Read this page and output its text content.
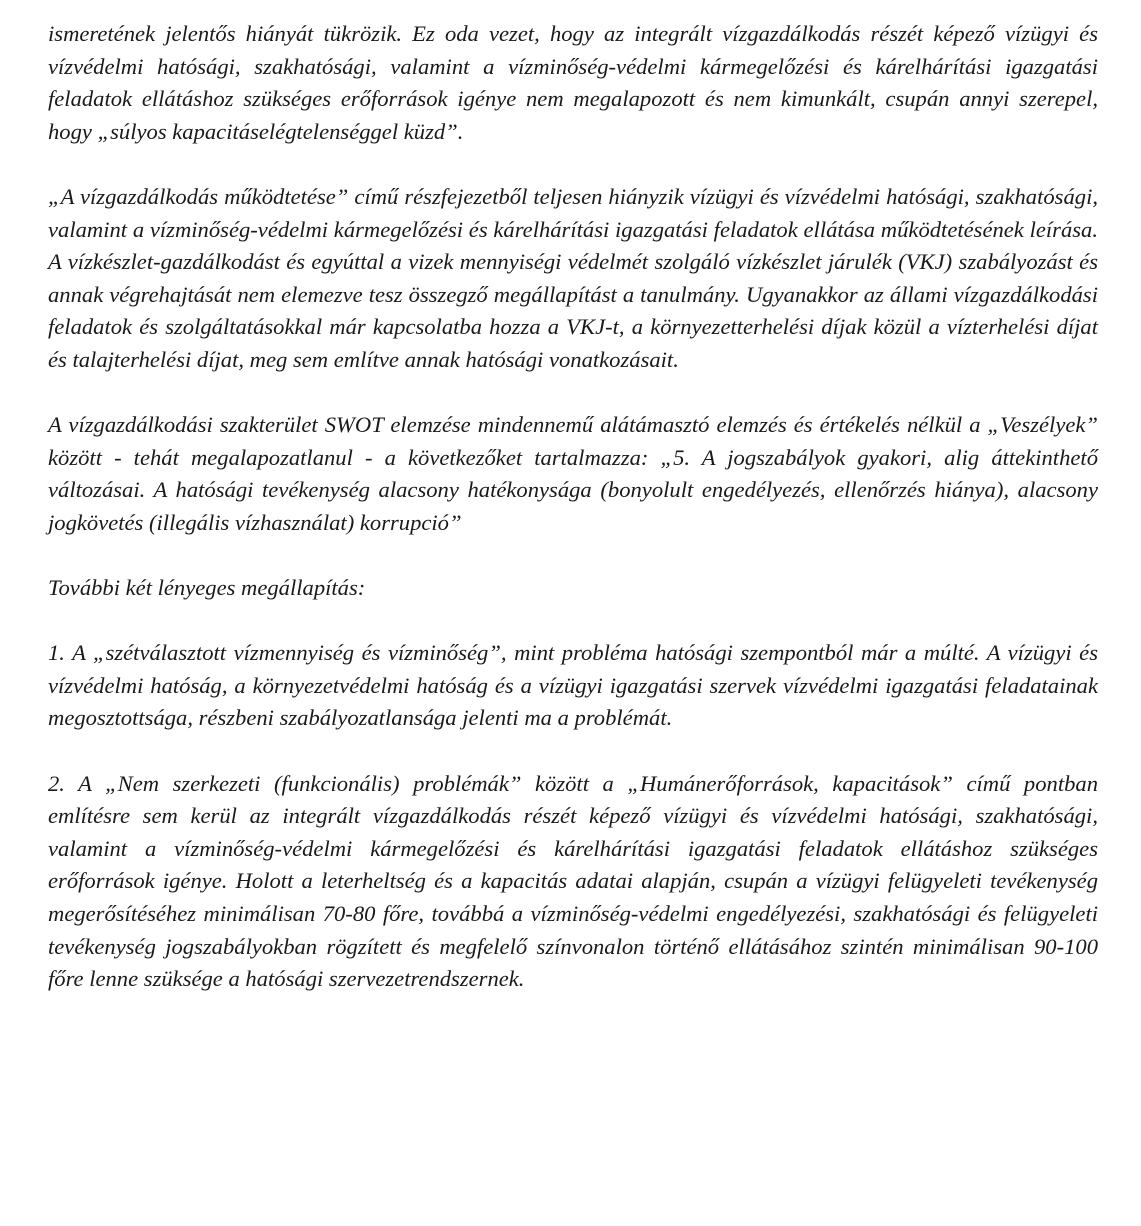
ismeretének jelentős hiányát tükrözik. Ez oda vezet, hogy az integrált vízgazdálkodás részét képező vízügyi és vízvédelmi hatósági, szakhatósági, valamint a vízminőség-védelmi kármegelőzési és kárelhárítási igazgatási feladatok ellátáshoz szükséges erőforrások igénye nem megalapozott és nem kimunkált, csupán annyi szerepel, hogy „súlyos kapacitáselégtelenséggel küzd”.

„A vízgazdálkodás működtetése” című részfejezetből teljesen hiányzik vízügyi és vízvédelmi hatósági, szakhatósági, valamint a vízminőség-védelmi kármegelőzési és kárelhárítási igazgatási feladatok ellátása működtetésének leírása. A vízkészlet-gazdálkodást és egyúttal a vizek mennyiségi védelmét szolgáló vízkészlet járulék (VKJ) szabályozást és annak végrehajtását nem elemezve tesz összegző megállapítást a tanulmány. Ugyanakkor az állami vízgazdálkodási feladatok és szolgáltatásokkal már kapcsolatba hozza a VKJ-t, a környezetterhelési díjak közül a vízterhelési díjat és talajterhelési díjat, meg sem említve annak hatósági vonatkozásait.

A vízgazdálkodási szakterület SWOT elemzése mindennemű alátámasztó elemzés és értékelés nélkül a „Veszélyek” között - tehát megalapozatlanul - a következőket tartalmazza: „5. A jogszabályok gyakori, alig áttekinthető változásai. A hatósági tevékenység alacsony hatékonysága (bonyolult engedélyezés, ellenőrzés hiánya), alacsony jogkövetés (illegális vízhasználat) korrupció”

További két lényeges megállapítás:

1. A „szétválasztott vízmennyiség és vízminőség”, mint probléma hatósági szempontból már a múlté. A vízügyi és vízvédelmi hatóság, a környezetvédelmi hatóság és a vízügyi igazgatási szervek vízvédelmi igazgatási feladatainak megosztottsága, részbeni szabályozatlansága jelenti ma a problémát.

2. A „Nem szerkezeti (funkcionális) problémák” között a „Humánerőforrások, kapacitások” című pontban említésre sem kerül az integrált vízgazdálkodás részét képező vízügyi és vízvédelmi hatósági, szakhatósági, valamint a vízminőség-védelmi kármegelőzési és kárelhárítási igazgatási feladatok ellátáshoz szükséges erőforrások igénye. Holott a leterheltség és a kapacitás adatai alapján, csupán a vízügyi felügyeleti tevékenység megerősítéséhez minimálisan 70-80 főre, továbbá a vízminőség-védelmi engedélyezési, szakhatósági és felügyeleti tevékenység jogszabályokban rögzített és megfelelő színvonalon történő ellátásához szintén minimálisan 90-100 főre lenne szüksége a hatósági szervezetrendszernek.
